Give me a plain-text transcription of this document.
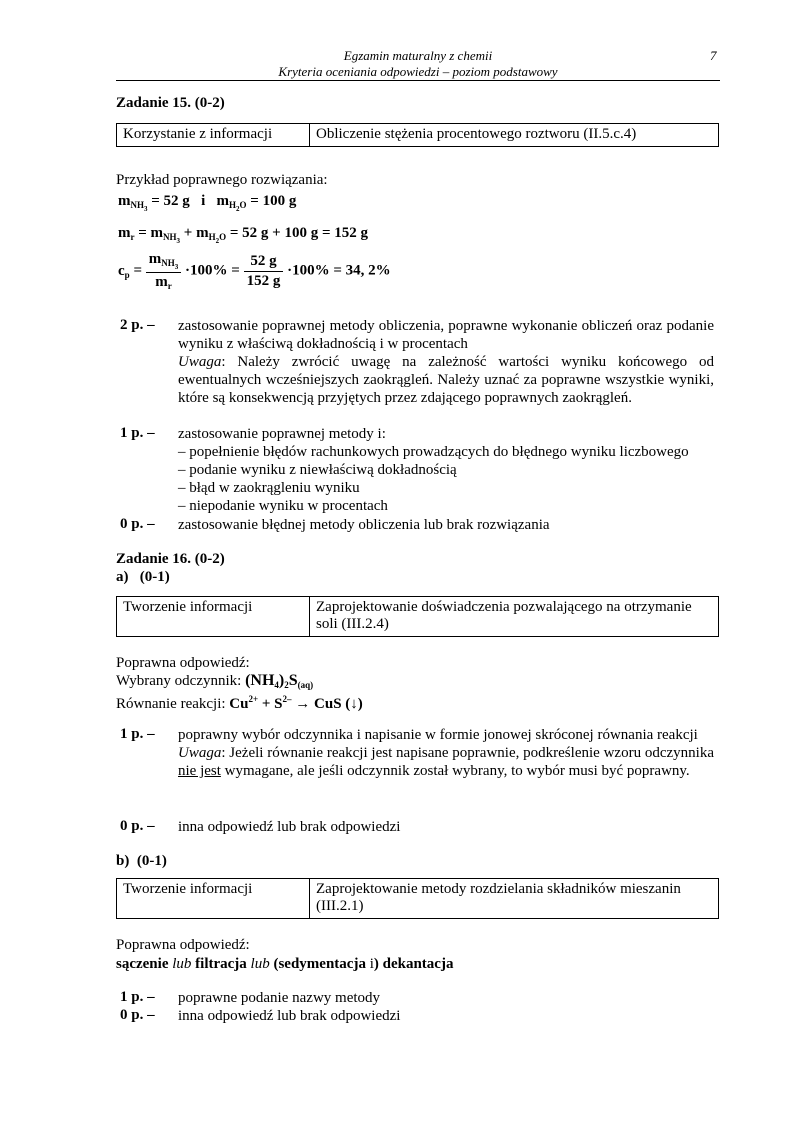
Egzamin maturalny z chemii
Kryteria oceniania odpowiedzi – poziom podstawowy
7
Zadanie 15. (0-2)
Korzystanie z informacji	Obliczenie stężenia procentowego roztworu (II.5.c.4)
Przykład poprawnego rozwiązania:
$m_{NH_3} = 52$ g i $m_{H_2O} = 100$ g
$m_r = m_{NH_3} + m_{H_2O} = 52$ g + 100 g = 152 g
$c_p = \frac{m_{NH_3}}{m_r} \cdot 100\% = \frac{52 g}{152 g} \cdot 100\% = 34$, 2%
2 p. –	zastosowanie poprawnej metody obliczenia, poprawne wykonanie obliczeń oraz podanie wyniku z właściwą dokładnością i w procentach
Uwaga: Należy zwrócić uwagę na zależność wartości wyniku końcowego od ewentualnych wcześniejszych zaokrągleń. Należy uznać za poprawne wszystkie wyniki, które są konsekwencją przyjętych przez zdającego poprawnych zaokrągleń.
1 p. –	zastosowanie poprawnej metody i:
– popełnienie błędów rachunkowych prowadzących do błędnego wyniku liczbowego
– podanie wyniku z niewłaściwą dokładnością
– błąd w zaokrągleniu wyniku
– niepodanie wyniku w procentach
0 p. –	zastosowanie błędnej metody obliczenia lub brak rozwiązania
Zadanie 16. (0-2)
a)   (0-1)
Tworzenie informacji	Zaprojektowanie doświadczenia pozwalającego na otrzymanie soli (III.2.4)
Poprawna odpowiedź:
Wybrany odczynnik: $(NH_4)_2S_{(aq)}$
Równanie reakcji: $Cu^{2+} + S^{2-}$ → CuS (↓)
1 p. –	poprawny wybór odczynnika i napisanie w formie jonowej skróconej równania reakcji
Uwaga: Jeżeli równanie reakcji jest napisane poprawnie, podkreślenie wzoru odczynnika nie jest wymagane, ale jeśli odczynnik został wybrany, to wybór musi być poprawny.
0 p. –	inna odpowiedź lub brak odpowiedzi
b)  (0-1)
Tworzenie informacji	Zaprojektowanie metody rozdzielania składników mieszanin (III.2.1)
Poprawna odpowiedź:
sączenie lub filtracja lub (sedymentacja i) dekantacja
1 p. –	poprawne podanie nazwy metody
0 p. –	inna odpowiedź lub brak odpowiedzi
